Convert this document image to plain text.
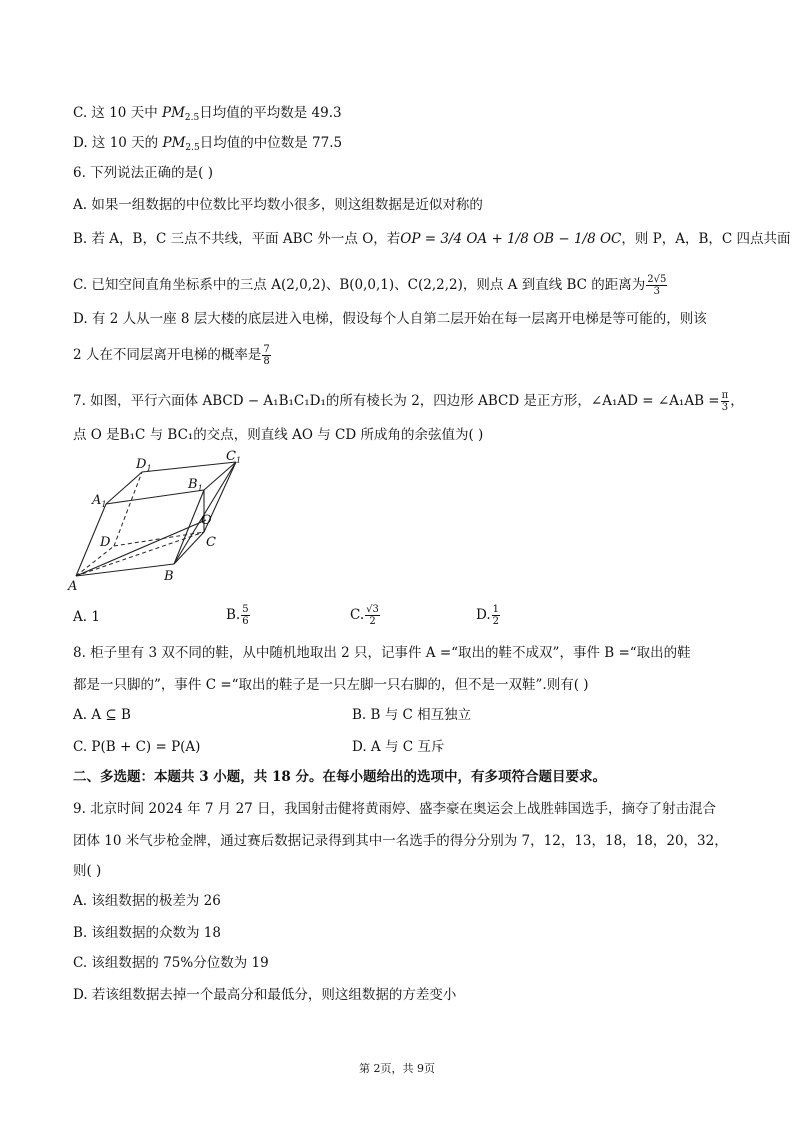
C. 这 10 天中 $PM_{2.5}$日均值的平均数是 49.3
D. 这 10 天的 $PM_{2.5}$日均值的中位数是 77.5
6. 下列说法正确的是( )
A. 如果一组数据的中位数比平均数小很多，则这组数据是近似对称的
B. 若 A，B，C 三点不共线，平面 ABC 外一点 O，若OP = 3/4 OA + 1/8 OB − 1/8 OC，则 P，A，B，C 四点共面
C. 已知空间直角坐标系中的三点 A(2,0,2)、B(0,0,1)、C(2,2,2)，则点 A 到直线 BC 的距离为 $\frac{2√5}{3}$
D. 有 2 人从一座 8 层大楼的底层进入电梯，假设每个人自第二层开始在每一层离开电梯是等可能的，则该
2 人在不同层离开电梯的概率是 $\frac{7}{8}$
7. 如图，平行六面体 ABCD − A₁B₁C₁D₁的所有棱长为 2，四边形 ABCD 是正方形，∠A₁AD = ∠A₁AB = $\frac{\pi}{3}$ ，
点 O 是B₁C 与 BC₁的交点，则直线 AO 与 CD 所成角的余弦值为( )
$D_1$
$C_1$
$A_1$
$B_1$
O
D	C
A
B
A. 1	B. $\frac{5}{6}$	C. $\frac{√3}{2}$	D. $\frac{1}{2}$
8. 柜子里有 3 双不同的鞋，从中随机地取出 2 只，记事件 A =“取出的鞋不成双”，事件 B =“取出的鞋
都是一只脚的”，事件 C =“取出的鞋子是一只左脚一只右脚的，但不是一双鞋”.则有( )
A. A ⊆ B	B. B 与 C 相互独立
C. P(B + C) = P(A)	D. A 与 C 互斥
二、多选题：本题共 3 小题，共 18 分。在每小题给出的选项中，有多项符合题目要求。
9. 北京时间 2024 年 7 月 27 日，我国射击健将黄雨婷、盛李豪在奥运会上战胜韩国选手，摘夺了射击混合
团体 10 米气步枪金牌，通过赛后数据记录得到其中一名选手的得分分别为 7，12，13，18，18，20，32，
则( )
A. 该组数据的极差为 26
B. 该组数据的众数为 18
C. 该组数据的 75%分位数为 19
D. 若该组数据去掉一个最高分和最低分，则这组数据的方差变小
第 2页，共 9页
